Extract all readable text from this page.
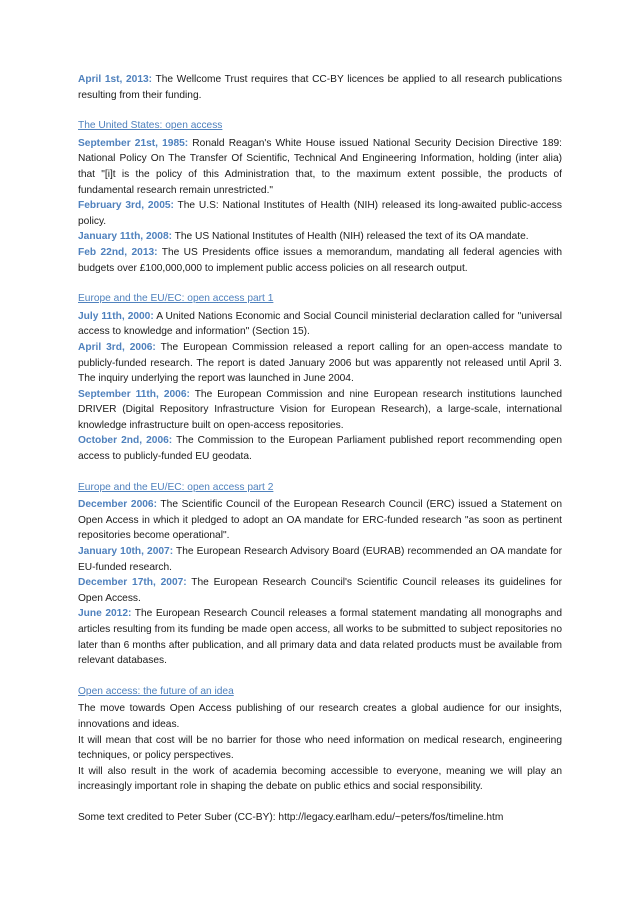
April 1st, 2013: The Wellcome Trust requires that CC-BY licences be applied to all research publications resulting from their funding.

The United States: open access

September 21st, 1985: Ronald Reagan's White House issued National Security Decision Directive 189: National Policy On The Transfer Of Scientific, Technical And Engineering Information, holding (inter alia) that "[i]t is the policy of this Administration that, to the maximum extent possible, the products of fundamental research remain unrestricted."

February 3rd, 2005: The U.S: National Institutes of Health (NIH) released its long-awaited public-access policy.

January 11th, 2008: The US National Institutes of Health (NIH) released the text of its OA mandate.

Feb 22nd, 2013: The US Presidents office issues a memorandum, mandating all federal agencies with budgets over £100,000,000 to implement public access policies on all research output.

Europe and the EU/EC: open access part 1

July 11th, 2000: A United Nations Economic and Social Council ministerial declaration called for "universal access to knowledge and information" (Section 15).

April 3rd, 2006: The European Commission released a report calling for an open-access mandate to publicly-funded research. The report is dated January 2006 but was apparently not released until April 3. The inquiry underlying the report was launched in June 2004.

September 11th, 2006: The European Commission and nine European research institutions launched DRIVER (Digital Repository Infrastructure Vision for European Research), a large-scale, international knowledge infrastructure built on open-access repositories.

October 2nd, 2006: The Commission to the European Parliament published report recommending open access to publicly-funded EU geodata.

Europe and the EU/EC: open access part 2

December 2006: The Scientific Council of the European Research Council (ERC) issued a Statement on Open Access in which it pledged to adopt an OA mandate for ERC-funded research "as soon as pertinent repositories become operational".

January 10th, 2007: The European Research Advisory Board (EURAB) recommended an OA mandate for EU-funded research.

December 17th, 2007: The European Research Council's Scientific Council releases its guidelines for Open Access.

June 2012: The European Research Council releases a formal statement mandating all monographs and articles resulting from its funding be made open access, all works to be submitted to subject repositories no later than 6 months after publication, and all primary data and data related products must be available from relevant databases.

Open access: the future of an idea

The move towards Open Access publishing of our research creates a global audience for our insights, innovations and ideas.

It will mean that cost will be no barrier for those who need information on medical research, engineering techniques, or policy perspectives.

It will also result in the work of academia becoming accessible to everyone, meaning we will play an increasingly important role in shaping the debate on public ethics and social responsibility.

Some text credited to Peter Suber (CC-BY): http://legacy.earlham.edu/~peters/fos/timeline.htm
